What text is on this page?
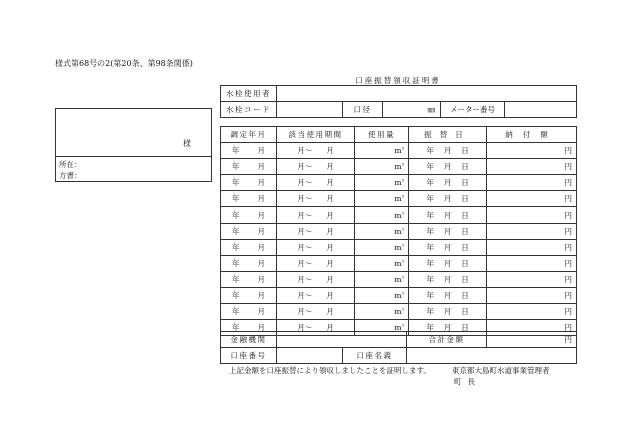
様式第68号の2(第20条、第98条関係)
口座振替領収証明書
様
所在：
方書：
水栓使用者						
水栓コード		口径		㎜	メーター番号	
調定年月	該当使用期間	使用量	振替日	納付額
年 月	月～ 月	$m^3$	年 月 日	円
年 月	月～ 月	$m^3$	年 月 日	円
年 月	月～ 月	$m^3$	年 月 日	円
年 月	月～ 月	$m^3$	年 月 日	円
年 月	月～ 月	$m^3$	年 月 日	円
年 月	月～ 月	$m^3$	年 月 日	円
年 月	月～ 月	$m^3$	年 月 日	円
年 月	月～ 月	$m^3$	年 月 日	円
年 月	月～ 月	$m^3$	年 月 日	円
年 月	月～ 月	$m^3$	年 月 日	円
年 月	月～ 月	$m^3$	年 月 日	円
年 月	月～ 月	$m^3$	年 月 日	円
金融機関			合計金額	円
口座番号		口座名義		
上記金額を口座振替により領収しましたことを証明します。	東京都大島町水道事業管理者
町長
